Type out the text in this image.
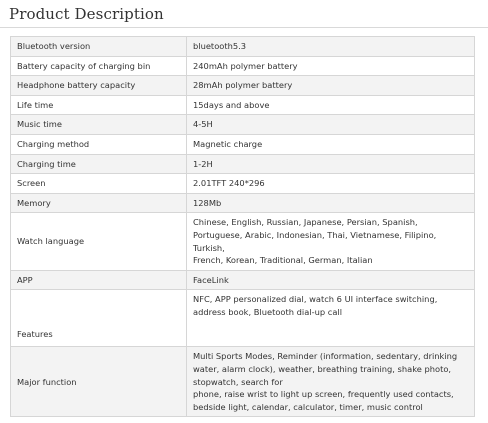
Product Description
Bluetooth version	bluetooth5.3

Battery capacity of charging bin	240mAh polymer battery

Headphone battery capacity	28mAh polymer battery

Life time	15days and above

Music time	4-5H

Charging method	Magnetic charge

Charging time	1-2H

Screen	2.01TFT 240*296

Memory	128Mb

Watch language	Chinese, English, Russian, Japanese, Persian, Spanish,
Portuguese, Arabic, Indonesian, Thai, Vietnamese, Filipino,
Turkish,
French, Korean, Traditional, German, Italian

APP	FaceLink

Features	NFC, APP personalized dial, watch 6 UI interface switching,
address book, Bluetooth dial-up call

Major function	Multi Sports Modes, Reminder (information, sedentary, drinking
water, alarm clock), weather, breathing training, shake photo,
stopwatch, search for
phone, raise wrist to light up screen, frequently used contacts,
bedside light, calendar, calculator, timer, music control
